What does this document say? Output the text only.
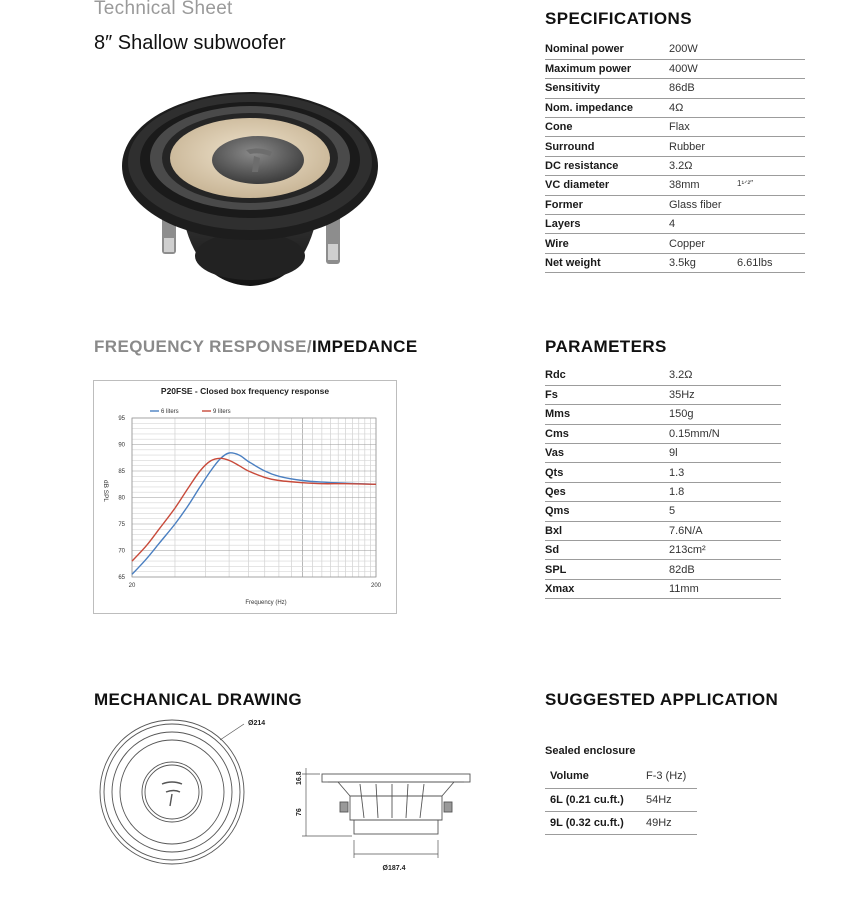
Technical Sheet
8″ Shallow subwoofer
SPECIFICATIONS
Nominal power	200W	
Maximum power	400W	
Sensitivity	86dB	
Nom. impedance	4Ω	
Cone	Flax	
Surround	Rubber	
DC resistance	3.2Ω	
VC diameter	38mm	1¹ᐟ²″
Former	Glass fiber	
Layers	4	
Wire	Copper	
Net weight	3.5kg	6.61lbs
FREQUENCY RESPONSE/IMPEDANCE
65
70
75
80
85
90
95
20	200
6 liters	9 liters
P20FSE - Closed box frequency response
Frequency (Hz)
dB SPL
PARAMETERS
Rdc	3.2Ω
Fs	35Hz
Mms	150g
Cms	0.15mm/N
Vas	9l
Qts	1.3
Qes	1.8
Qms	5
Bxl	7.6N/A
Sd	213cm²
SPL	82dB
Xmax	11mm
MECHANICAL DRAWING
Ø214
16.8
76
Ø187.4
SUGGESTED APPLICATION
Sealed enclosure
Volume	F-3 (Hz)
6L (0.21 cu.ft.)	54Hz
9L (0.32 cu.ft.)	49Hz
